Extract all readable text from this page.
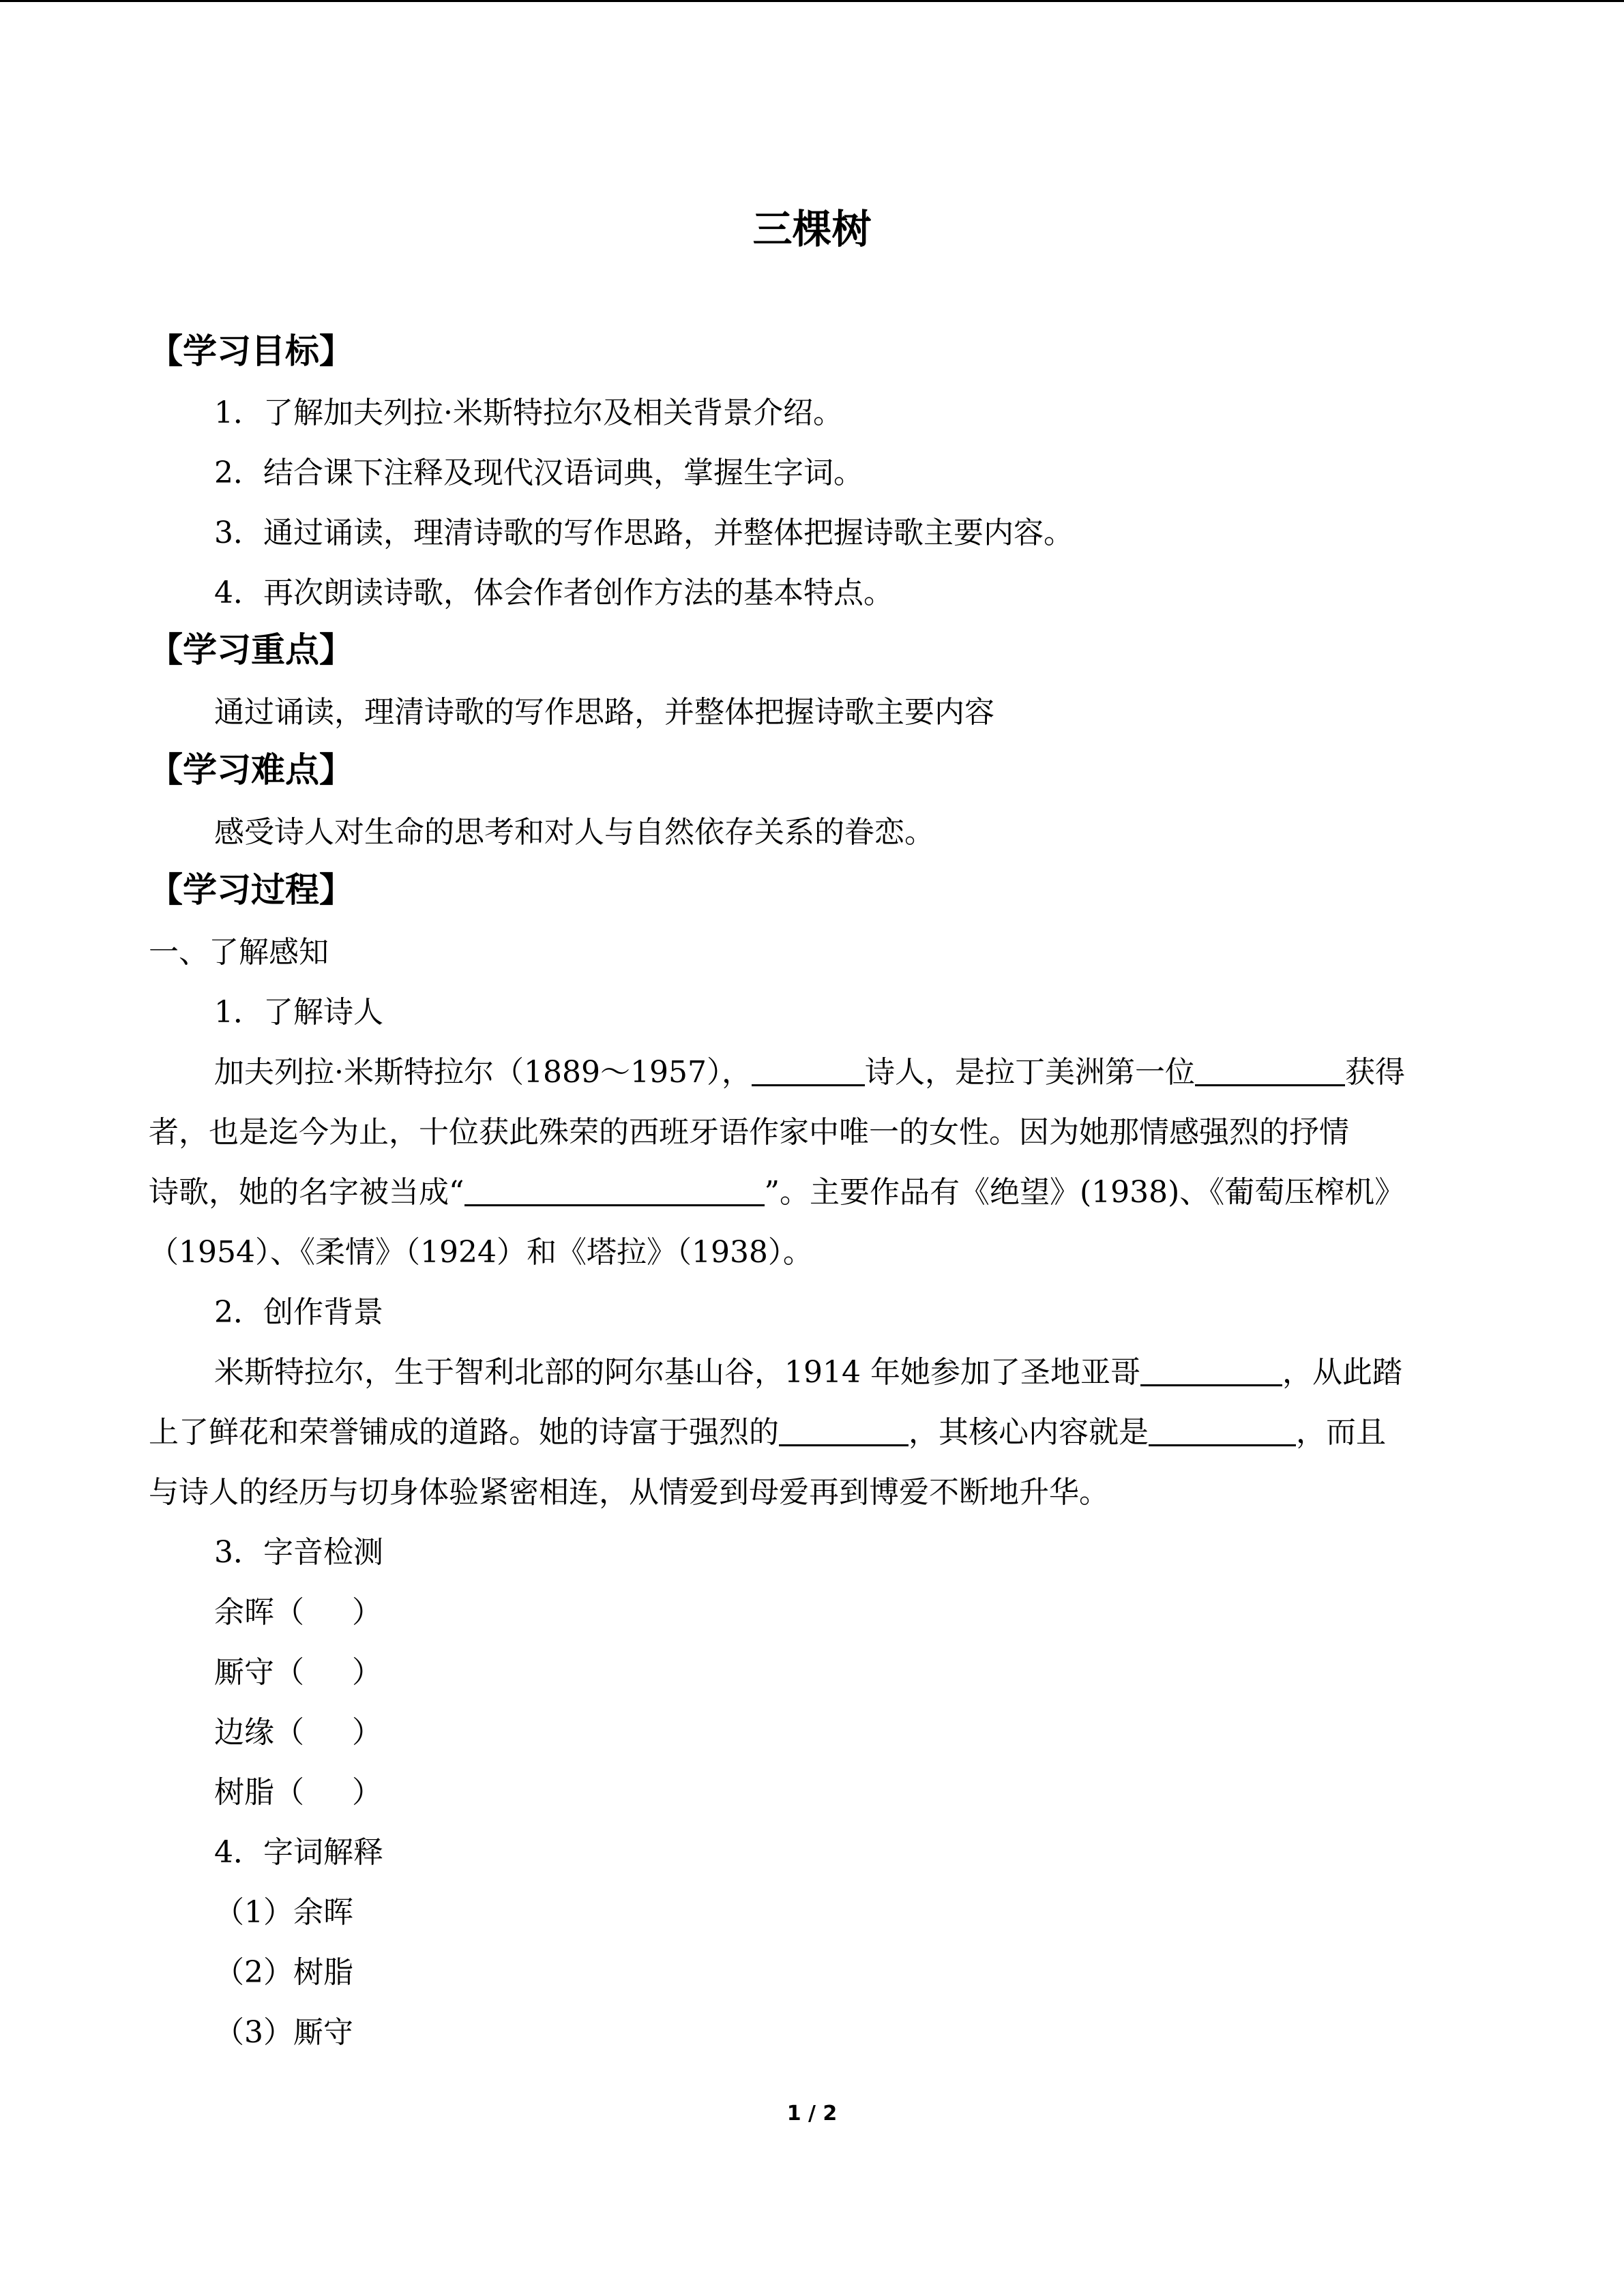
三棵树
【学习目标】
1．了解加夫列拉·米斯特拉尔及相关背景介绍。
2．结合课下注释及现代汉语词典，掌握生字词。
3．通过诵读，理清诗歌的写作思路，并整体把握诗歌主要内容。
4．再次朗读诗歌，体会作者创作方法的基本特点。
【学习重点】
通过诵读，理清诗歌的写作思路，并整体把握诗歌主要内容
【学习难点】
感受诗人对生命的思考和对人与自然依存关系的眷恋。
【学习过程】
一、了解感知
1．了解诗人
加夫列拉·米斯特拉尔（1889～1957），	诗人，是拉丁美洲第一位	获得
者，也是迄今为止，十位获此殊荣的西班牙语作家中唯一的女性。因为她那情感强烈的抒情
诗歌，她的名字被当成“	”。主要作品有《绝望》(1938)、《葡萄压榨机》
（1954）、《柔情》（1924）和《塔拉》（1938）。
2．创作背景
米斯特拉尔，生于智利北部的阿尔基山谷，1914 年她参加了圣地亚哥	，从此踏
上了鲜花和荣誉铺成的道路。她的诗富于强烈的	，其核心内容就是	，而且
与诗人的经历与切身体验紧密相连，从情爱到母爱再到博爱不断地升华。
3．字音检测
余晖（ ）
厮守（ ）
边缘（ ）
树脂（ ）
4．字词解释
（1）余晖
（2）树脂
（3）厮守
1 / 2
